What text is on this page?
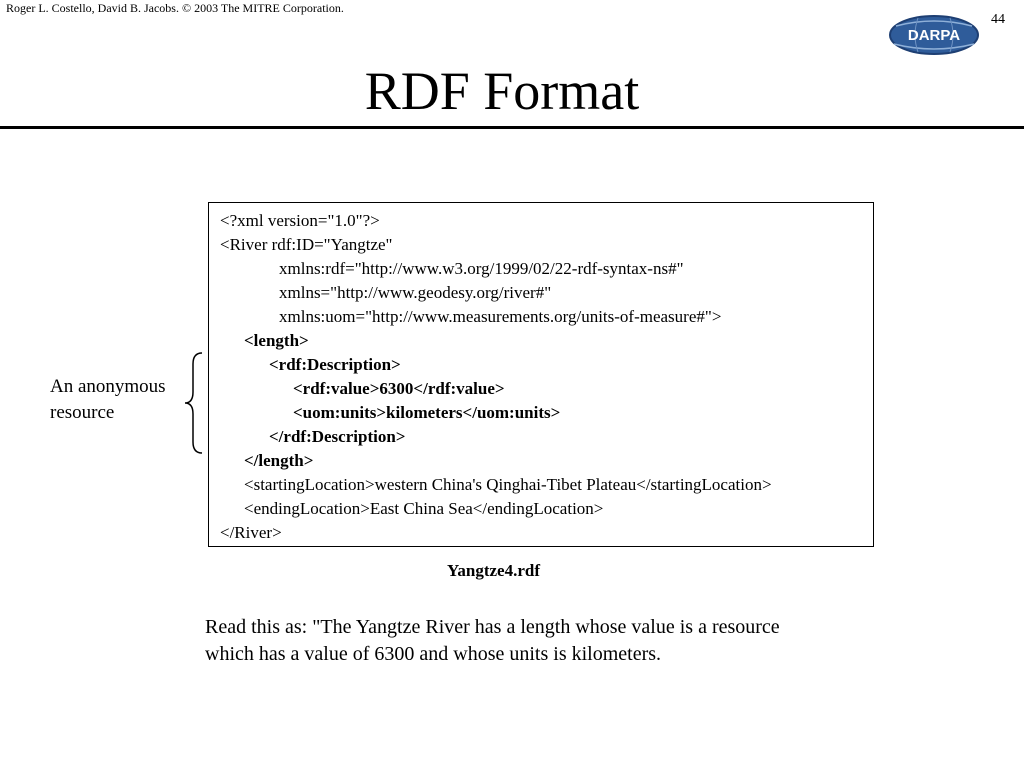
Roger L. Costello, David B. Jacobs. © 2003 The MITRE Corporation.
44
DARPA
RDF Format
<?xml version="1.0"?>
<River rdf:ID="Yangtze"
xmlns:rdf="http://www.w3.org/1999/02/22-rdf-syntax-ns#"
xmlns="http://www.geodesy.org/river#"
xmlns:uom="http://www.measurements.org/units-of-measure#">
<length>
<rdf:Description>
<rdf:value>6300</rdf:value>
<uom:units>kilometers</uom:units>
</rdf:Description>
</length>
<startingLocation>western China's Qinghai-Tibet Plateau</startingLocation>
<endingLocation>East China Sea</endingLocation>
</River>
An anonymous
resource
Yangtze4.rdf
Read this as: "The Yangtze River has a length whose value is a resource
which has a value of 6300 and whose units is kilometers.
